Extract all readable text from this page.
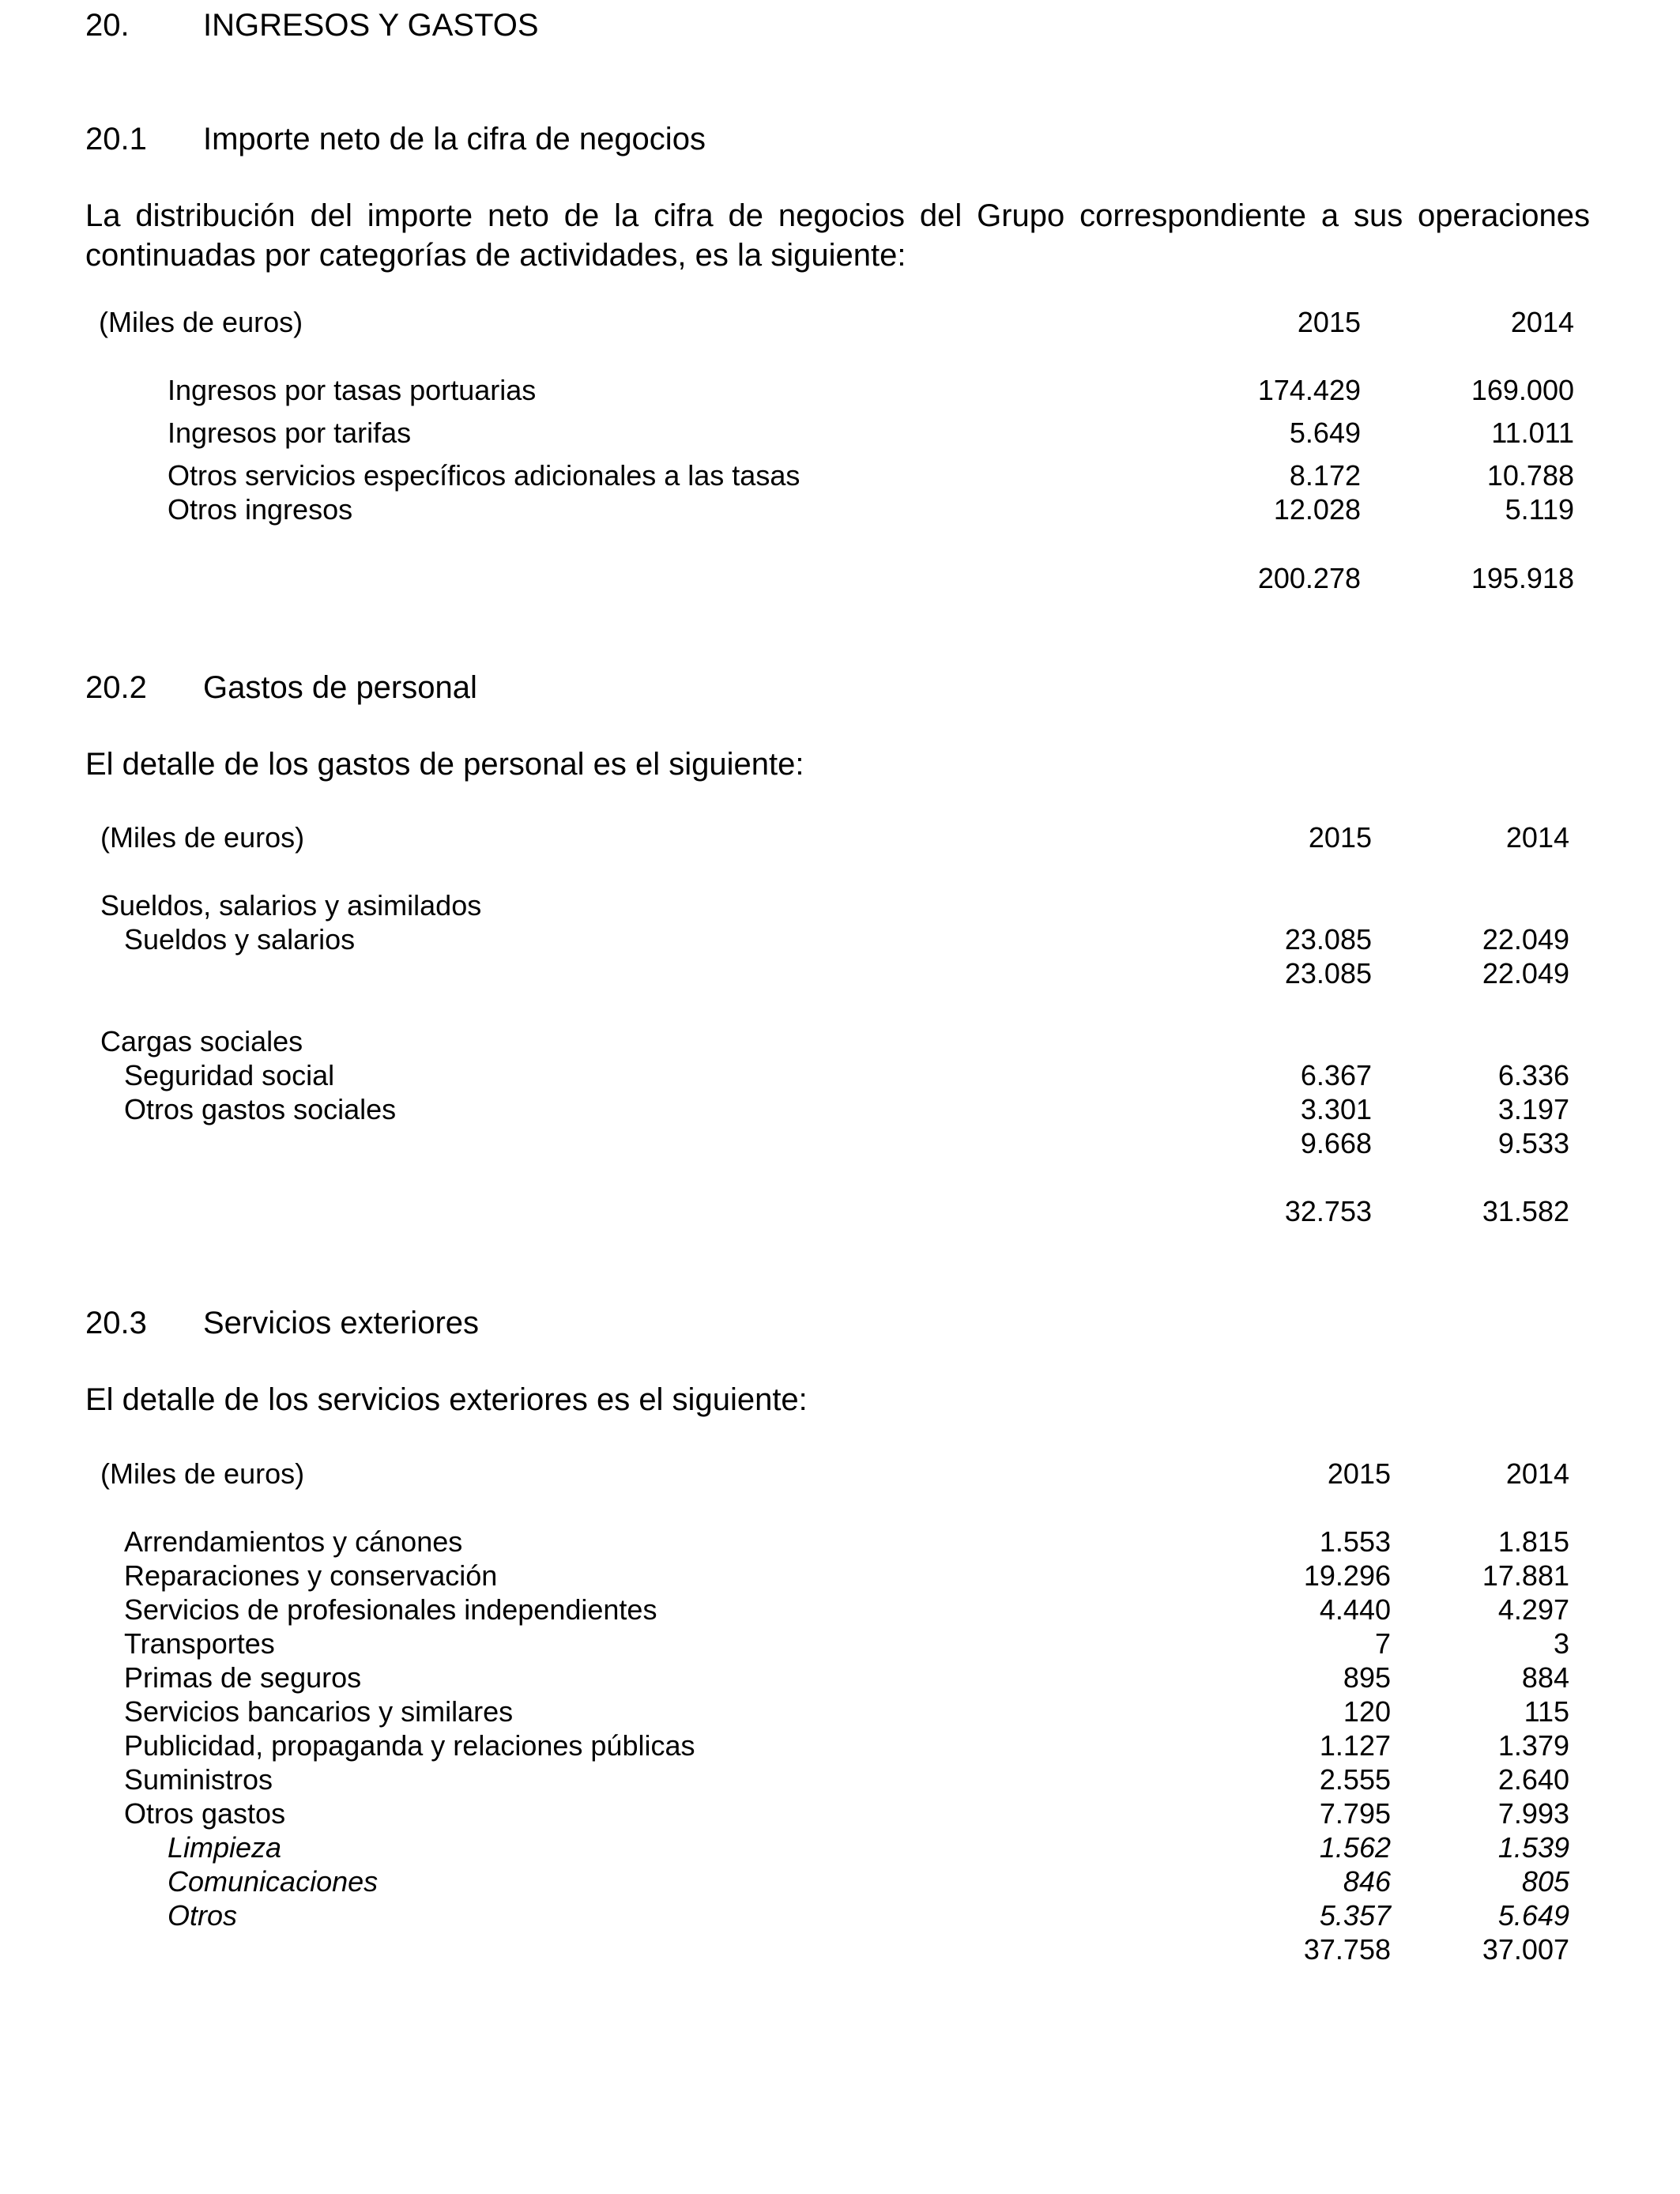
20. INGRESOS Y GASTOS
20.1 Importe neto de la cifra de negocios
La distribución del importe neto de la cifra de negocios del Grupo correspondiente a sus operaciones continuadas por categorías de actividades, es la siguiente:
(Miles de euros)	2015	2014
Ingresos por tasas portuarias	174.429	169.000
Ingresos por tarifas	5.649	11.011
Otros servicios específicos adicionales a las tasas	8.172	10.788
Otros ingresos	12.028	5.119
200.278	195.918
20.2 Gastos de personal
El detalle de los gastos de personal es el siguiente:
(Miles de euros)	2015	2014
Sueldos, salarios y asimilados
Sueldos y salarios	23.085	22.049
23.085	22.049
Cargas sociales
Seguridad social	6.367	6.336
Otros gastos sociales	3.301	3.197
9.668	9.533
32.753	31.582
20.3 Servicios exteriores
El detalle de los servicios exteriores es el siguiente:
(Miles de euros)	2015	2014
Arrendamientos y cánones	1.553	1.815
Reparaciones y conservación	19.296	17.881
Servicios de profesionales independientes	4.440	4.297
Transportes	7	3
Primas de seguros	895	884
Servicios bancarios y similares	120	115
Publicidad, propaganda y relaciones públicas	1.127	1.379
Suministros	2.555	2.640
Otros gastos	7.795	7.993
Limpieza	1.562	1.539
Comunicaciones	846	805
Otros	5.357	5.649
37.758	37.007
